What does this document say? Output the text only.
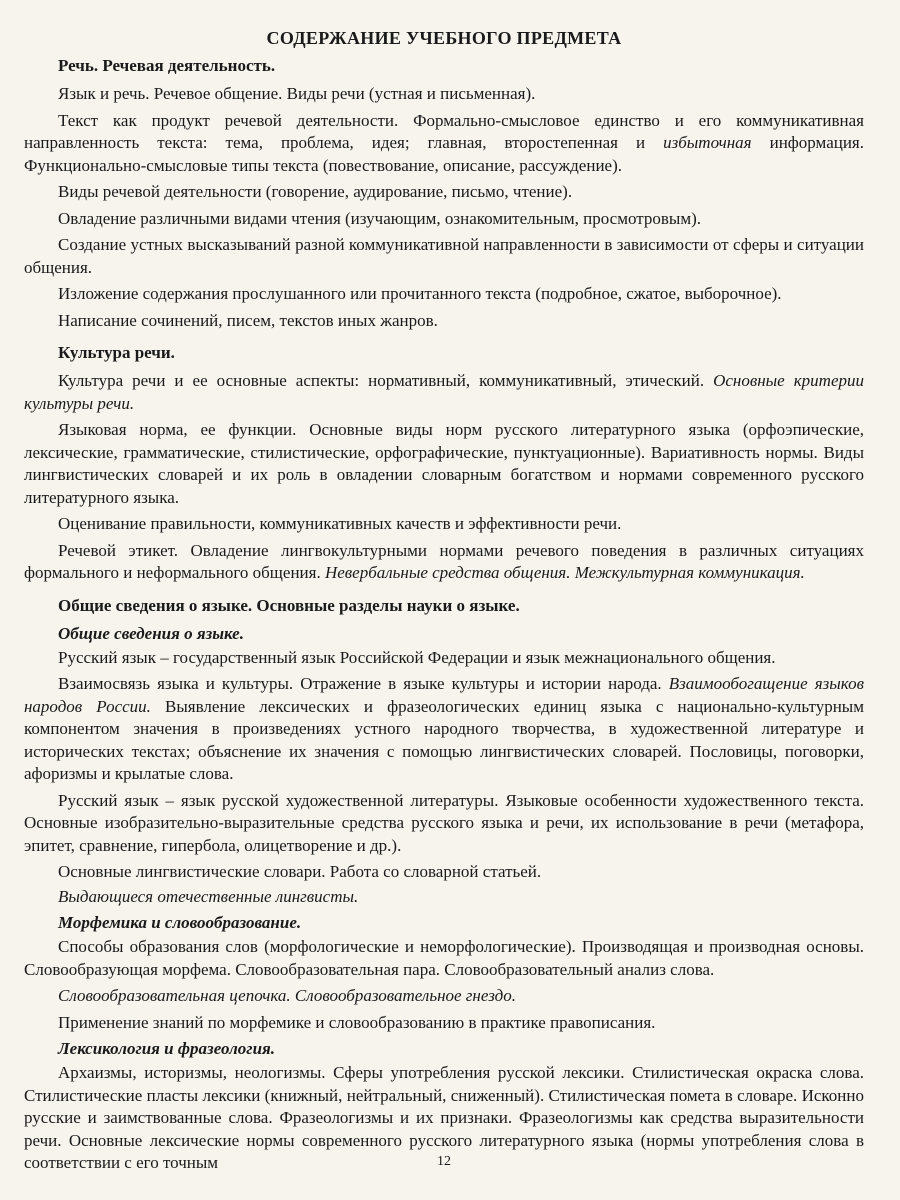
СОДЕРЖАНИЕ УЧЕБНОГО ПРЕДМЕТА
Речь. Речевая деятельность.

Язык и речь. Речевое общение. Виды речи (устная и письменная).

Текст как продукт речевой деятельности. Формально-смысловое единство и его коммуникативная направленность текста: тема, проблема, идея; главная, второстепенная и избыточная информация. Функционально-смысловые типы текста (повествование, описание, рассуждение).

Виды речевой деятельности (говорение, аудирование, письмо, чтение).

Овладение различными видами чтения (изучающим, ознакомительным, просмотровым).

Создание устных высказываний разной коммуникативной направленности в зависимости от сферы и ситуации общения.

Изложение содержания прослушанного или прочитанного текста (подробное, сжатое, выборочное).

Написание сочинений, писем, текстов иных жанров.

Культура речи.

Культура речи и ее основные аспекты: нормативный, коммуникативный, этический. Основные критерии культуры речи.

Языковая норма, ее функции. Основные виды норм русского литературного языка (орфоэпические, лексические, грамматические, стилистические, орфографические, пунктуационные). Вариативность нормы. Виды лингвистических словарей и их роль в овладении словарным богатством и нормами современного русского литературного языка.

Оценивание правильности, коммуникативных качеств и эффективности речи.

Речевой этикет. Овладение лингвокультурными нормами речевого поведения в различных ситуациях формального и неформального общения. Невербальные средства общения. Межкультурная коммуникация.

Общие сведения о языке. Основные разделы науки о языке.
Общие сведения о языке.

Русский язык – государственный язык Российской Федерации и язык межнационального общения.

Взаимосвязь языка и культуры. Отражение в языке культуры и истории народа. Взаимообогащение языков народов России. Выявление лексических и фразеологических единиц языка с национально-культурным компонентом значения в произведениях устного народного творчества, в художественной литературе и исторических текстах; объяснение их значения с помощью лингвистических словарей. Пословицы, поговорки, афоризмы и крылатые слова.

Русский язык – язык русской художественной литературы. Языковые особенности художественного текста. Основные изобразительно-выразительные средства русского языка и речи, их использование в речи (метафора, эпитет, сравнение, гипербола, олицетворение и др.).

Основные лингвистические словари. Работа со словарной статьей.

Выдающиеся отечественные лингвисты.

Морфемика и словообразование.

Способы образования слов (морфологические и неморфологические). Производящая и производная основы. Словообразующая морфема. Словообразовательная пара. Словообразовательный анализ слова.

Словообразовательная цепочка. Словообразовательное гнездо.

Применение знаний по морфемике и словообразованию в практике правописания.

Лексикология и фразеология.

Архаизмы, историзмы, неологизмы. Сферы употребления русской лексики. Стилистическая окраска слова. Стилистические пласты лексики (книжный, нейтральный, сниженный). Стилистическая помета в словаре. Исконно русские и заимствованные слова. Фразеологизмы и их признаки. Фразеологизмы как средства выразительности речи. Основные лексические нормы современного русского литературного языка (нормы употребления слова в соответствии с его точным	12
